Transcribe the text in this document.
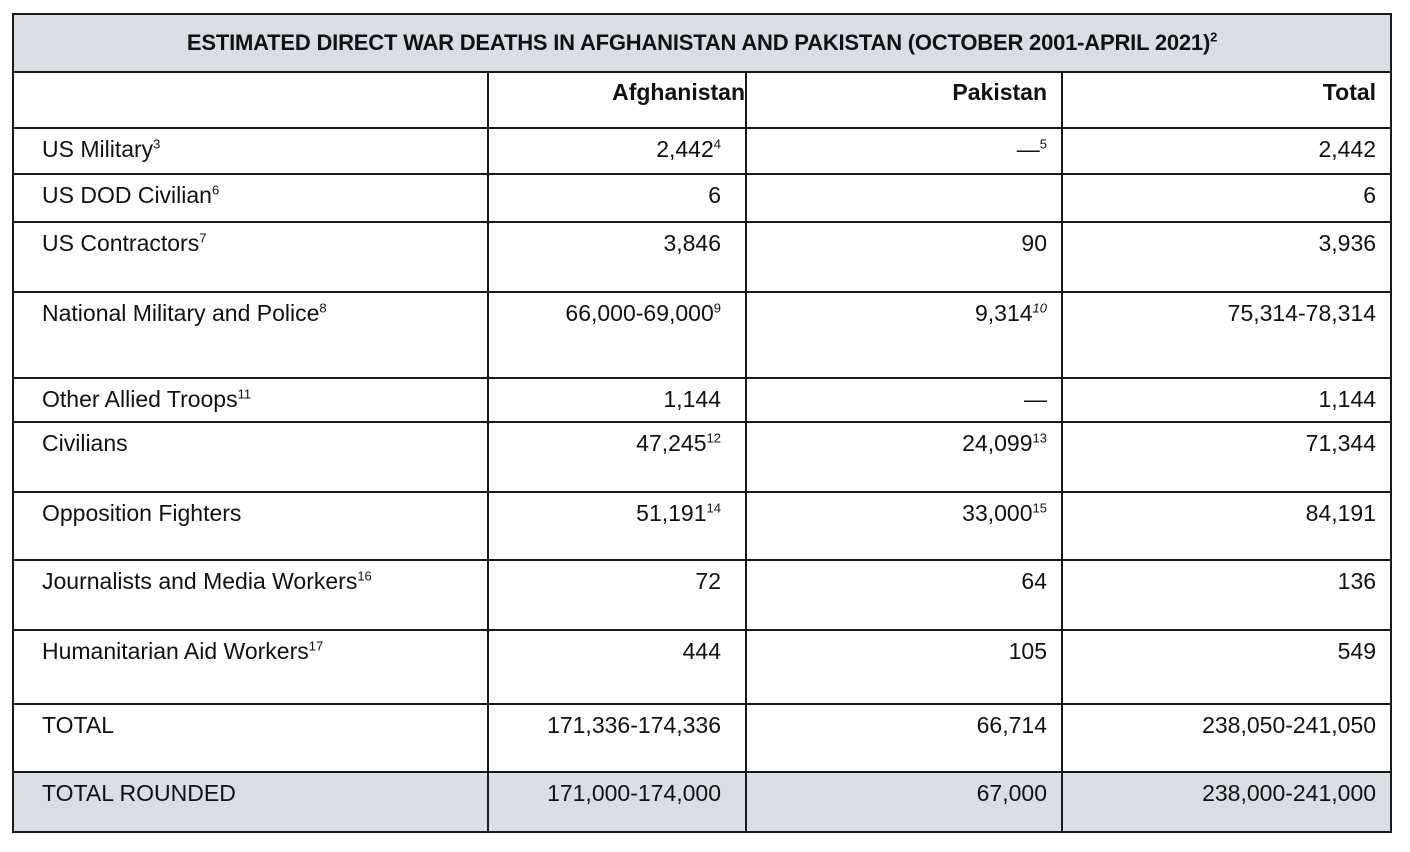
ESTIMATED DIRECT WAR DEATHS IN AFGHANISTAN AND PAKISTAN (OCTOBER 2001-APRIL 2021)$^2$
	Afghanistan	Pakistan	Total
US Military$^3$	2,442$^4$	—$^5$	2,442
US DOD Civilian$^6$	6		6
US Contractors$^7$	3,846	90	3,936
National Military and Police$^8$	66,000-69,000$^9$	9,314$^{10}$	75,314-78,314
Other Allied Troops$^{11}$	1,144	—	1,144
Civilians	47,245$^{12}$	24,099$^{13}$	71,344
Opposition Fighters	51,191$^{14}$	33,000$^{15}$	84,191
Journalists and Media Workers$^{16}$	72	64	136
Humanitarian Aid Workers$^{17}$	444	105	549
TOTAL	171,336-174,336	66,714	238,050-241,050
TOTAL ROUNDED	171,000-174,000	67,000	238,000-241,000
